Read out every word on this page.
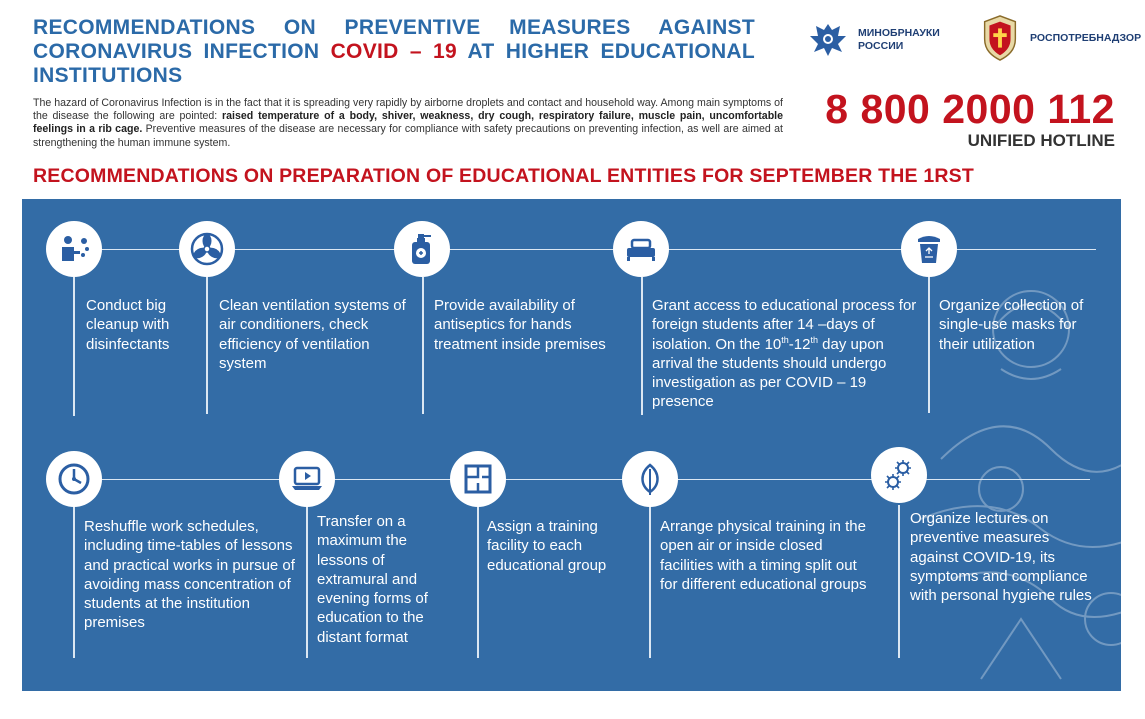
RECOMMENDATIONS ON PREVENTIVE MEASURES AGAINST CORONAVIRUS INFECTION COVID – 19 AT HIGHER EDUCATIONAL INSTITUTIONS
The hazard of Coronavirus Infection is in the fact that it is spreading very rapidly by airborne droplets and contact and household way. Among main symptoms of the disease the following are pointed: raised temperature of a body, shiver, weakness, dry cough, respiratory failure, muscle pain, uncomfortable feelings in a rib cage. Preventive measures of the disease are necessary for compliance with safety precautions on preventing infection, as well are aimed at strengthening the human immune system.
МИНОБРНАУКИ
РОССИИ
РОСПОТРЕБНАДЗОР
8 800 2000 112
UNIFIED HOTLINE
RECOMMENDATIONS ON PREPARATION OF EDUCATIONAL ENTITIES FOR SEPTEMBER THE 1RST
Conduct big cleanup with disinfectants
Clean ventilation systems of air conditioners, check efficiency of ventilation system
Provide availability of antiseptics for hands treatment inside premises
Grant access to educational process for foreign students after 14 –days of isolation. On the 10th-12th day upon arrival the students should undergo investigation as per COVID – 19 presence
Organize collection of single-use masks for their utilization
Reshuffle work schedules, including time-tables of lessons and practical works in pursue of avoiding mass concentration of students at the institution premises
Transfer on a maximum the lessons of extramural and evening forms of education to the distant format
Assign a training facility to each educational group
Arrange physical training in the open air or inside closed facilities with a timing split out for different educational groups
Organize lectures on preventive measures against COVID-19, its symptoms and compliance with personal hygiene rules
